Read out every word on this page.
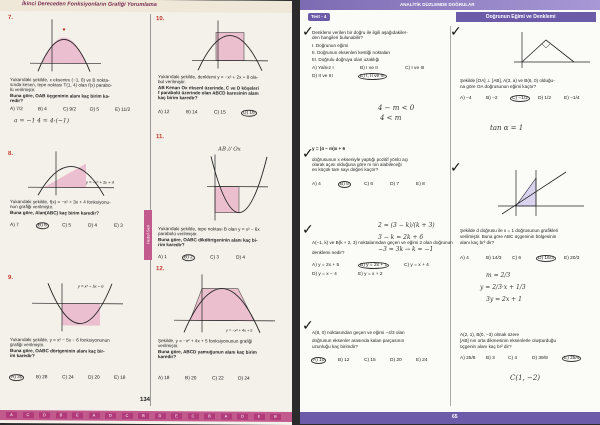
İkinci Dereceden Fonksiyonların Grafiği Yorumlama
7.
Yukarıdaki şekilde, x ekseninı (−1, 0) ve B nokta-
sında kesen, tepe noktası T(1, 4) olan f(x) parabo-
lü verilmiştir.
Buna göre, OAB üçgeninin alanı kaç birim ka-
redir?
A) 7/2	B) 4	C) 9/2	D) 5	E) 11/2
a = −1 4 = 4·(−1)
8.
y = −x² + 3x + 4
Yukarıdaki şekilde, f(x) = −x² + 3x + 4 fonksiyonu-
nun grafiği verilmiştir.
Buna göre, Alan(ABC) kaç birim karedir?
A) 7	B) 6	C) 5	D) 4	E) 3
9.
y = x² − 5x − 6
Yukarıdaki şekilde, y = x² − 5x − 6 fonksiyonunun
grafiği verilmiştir.
Buna göre, OABC dörtgeninin alanı kaç bir-
im karedir?
A) 30	B) 28	C) 24	D) 20	E) 18
10.
Yukarıdaki şekilde, denklemi y = −x² + 2x + 8 ola-
bul verilmiştir.
AB Kenarı Ox eksenl üzerinde, C ve D köşeleri
f parabolü üzerinde olan ABCD karesinin alanı
kaç birim karedir?
A) 12	B) 14	C) 15	D) 16
AB // Ox
11.
Yukarıdaki şekilde, tepe noktası B olan y = x² − 6x
parabolü verilmiştir.
Buna göre, OABC dikdörtgeninin alanı kaç bi-
rim karedir?
A) 1	B) 2	C) 3	D) 4
12.
y = −x² + 4x + 5
Şekilde, y = −x² + 4x + 5 fonksiyonunun grafiği
verilmiştir.
Buna göre, ABCD yamuğunun alanı kaç birim
karedir?
A) 18	B) 20	C) 22	D) 24
Hedef-Seri
134
A	C	D	B	E	A	D	C	B	D	E	C	B	A	D	E	B
ANALİTİK DÜZLEMDE DOĞRULAR
Test - 4	Doğrunun Eğimi ve Denklemi
✓
Denklemi verilen bir doğru ile ilgili aşağıdakiler-
den hangileri bulunabilir?
I. Doğrunun eğimi
II. Doğrunun eksenleri kestiği noktaları
III. Doğrulu doğruya olan uzaklığı
A) Yalnız I	B) I ve II	C) I ve III
D) II ve III	E) I, II ve III
✓
4 − m < 0
4 < m
y = (4 − m)x + 6
doğrusunun x ekseniyle yaptığı pozitif yönlü açı
olarak açısı olduğuna göre m nin alabileceği
en küçük tam sayı değeri kaçtır?
A) 4	B) 5	C) 6	D) 7	E) 8
✓	2 = (3 − k)/(k + 3)
3 − k = 2k + 6
−3 = 3k → k = −1
A(−1, k) ve B(k + 2, 3) noktalarından geçen ve eğimi 2 olan doğrunun
denklemi nedir?
A) y = 2x + 5	B) y = 2x + 1	C) y = x + 4
D) y = x − 4	E) y = x + 2
✓
A(8, 0) noktasından geçen ve eğimi −4/3 olan
doğrunun eksenler arasında kalan parçasının
uzunluğu kaç birimdir?
A) 10	B) 12	C) 15	D) 20	E) 24
✓
Şekilde [OA] ⊥ [AB], A(3, a) ve B(6, 0) olduğu-
na göre OA doğrusunun eğimi kaçtır?
A) −4	B) −2	C) −1/2	D) 1/2	E) −1/4
tan α = 1
✓
Şekilde d doğrusu ile x = 1 doğrusunun grafikleri
verilmiştir. Buna göre ABC üçgeninin bölgesinin
alanı kaç br² dir?
A) 4	B) 14/3 C) 6	D) 16/3	E) 20/3
m = 2/3
y = 2/3·x + 1/3
3y = 2x + 1
A(2, 1), B(0, −3) olmak üzere
[AB] nın orta dikmesinin eksenlerle oluşturduğu
üçgenin alanı kaç br² dir?
A) 25/8 B) 3	C) 4	D) 39/8	E) 25/4
C(1, −2)
65
